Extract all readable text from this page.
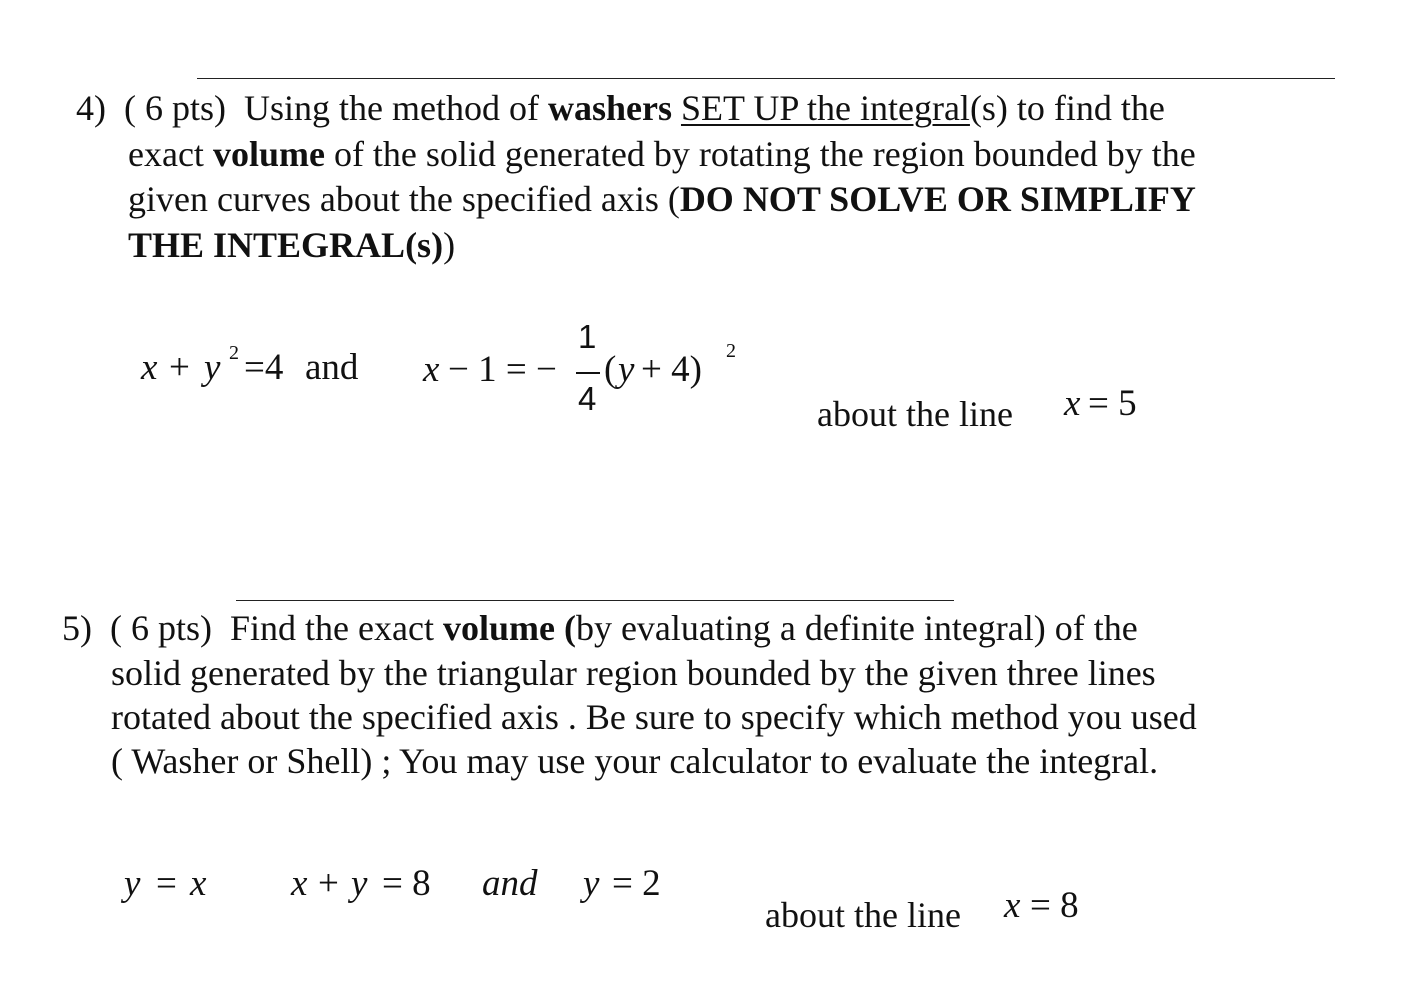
4) ( 6 pts) Using the method of washers SET UP the integral(s) to find the
exact volume of the solid generated by rotating the region bounded by the
given curves about the specified axis (DO NOT SOLVE OR SIMPLIFY
THE INTEGRAL(s))
x + y 2 =4 and x − 1 = −
1
4
( y + 4) 2
about the line x = 5
5) ( 6 pts) Find the exact volume (by evaluating a definite integral) of the
solid generated by the triangular region bounded by the given three lines
rotated about the specified axis . Be sure to specify which method you used
( Washer or Shell) ; You may use your calculator to evaluate the integral.
y = x x + y = 8 and y = 2
about the line x = 8
